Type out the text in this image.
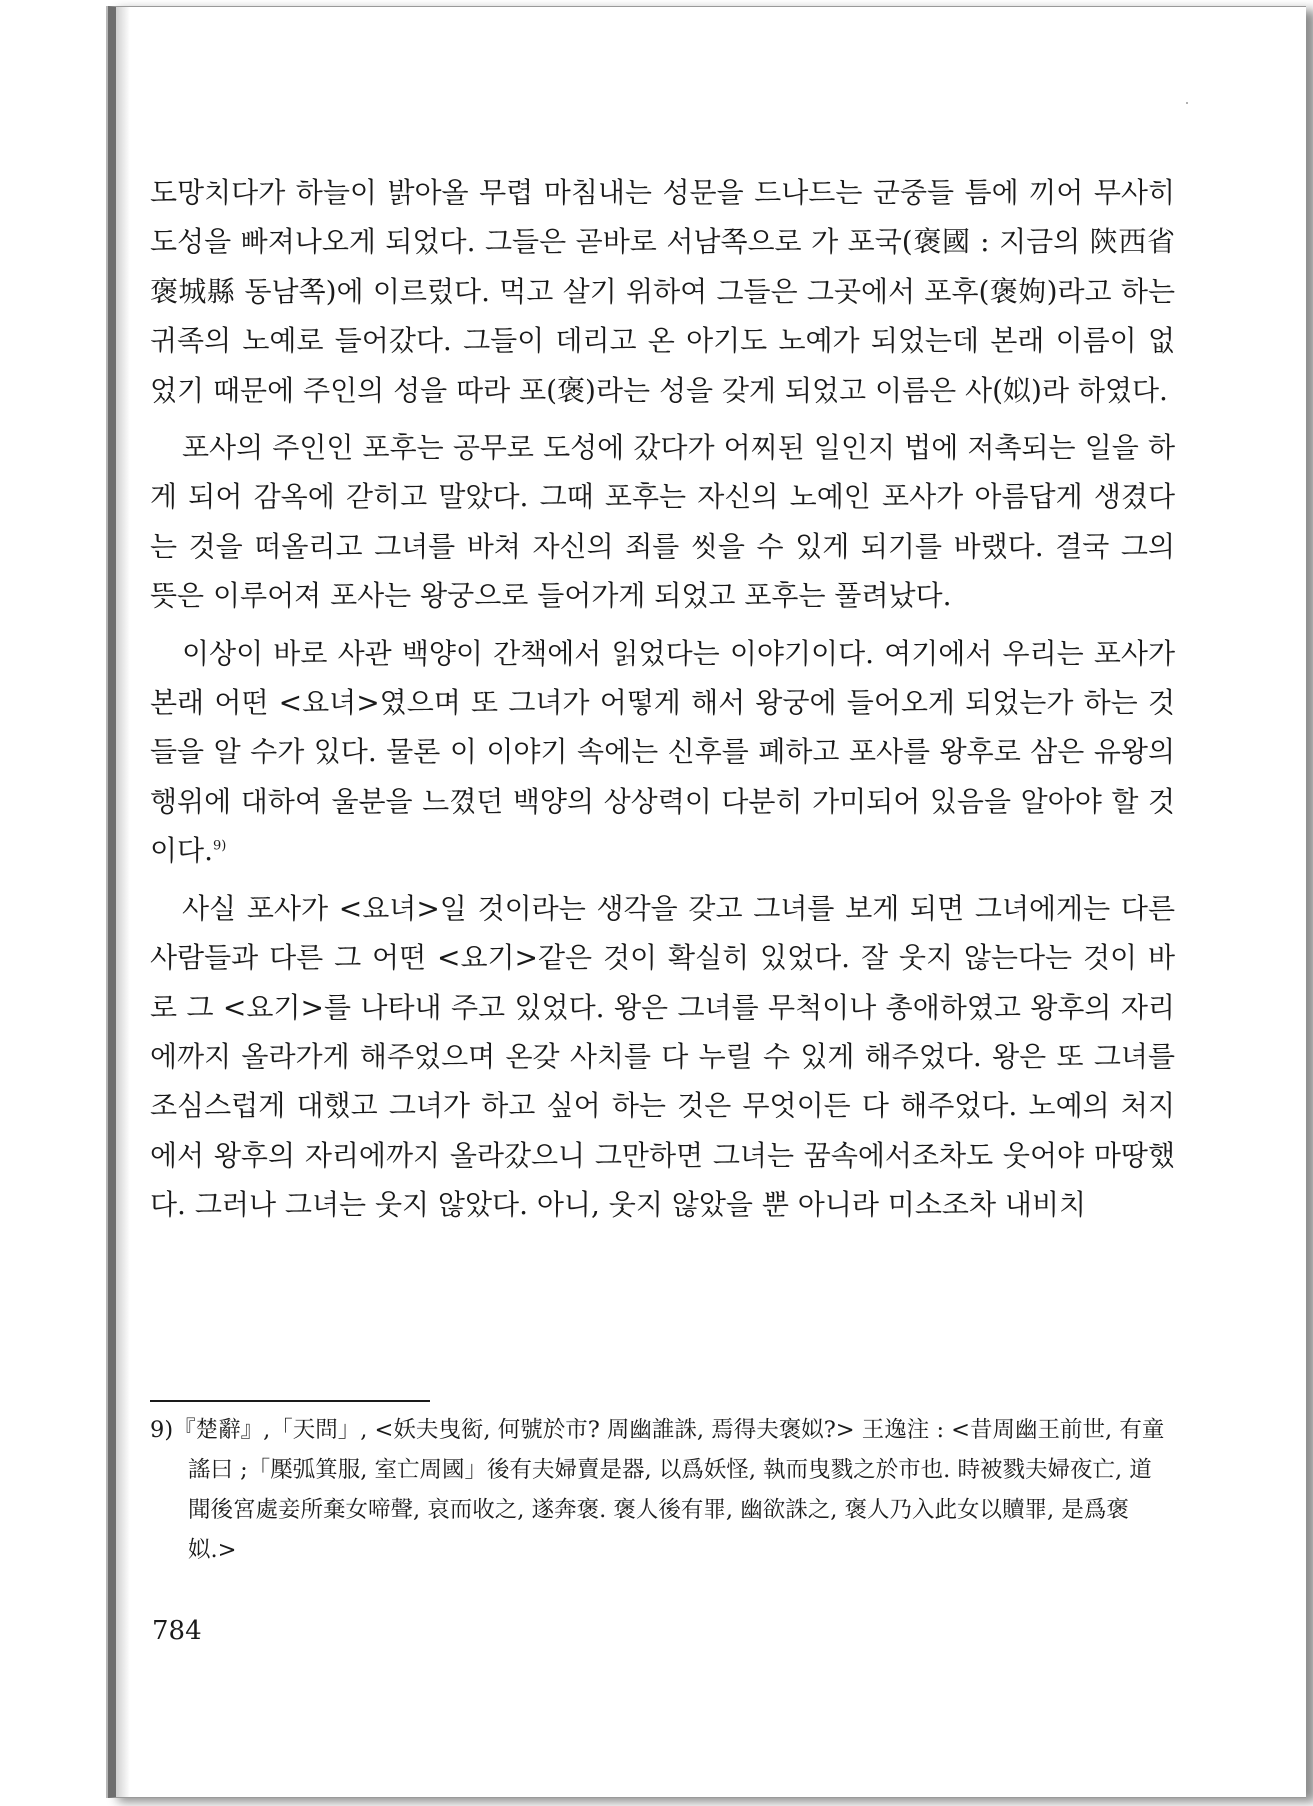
도망치다가 하늘이 밝아올 무렵 마침내는 성문을 드나드는 군중들 틈에 끼어 무사히 도성을 빠져나오게 되었다. 그들은 곧바로 서남쪽으로 가 포국(褒國 : 지금의 陝西省 褒城縣 동남쪽)에 이르렀다. 먹고 살기 위하여 그들은 그곳에서 포후(褒姁)라고 하는 귀족의 노예로 들어갔다. 그들이 데리고 온 아기도 노예가 되었는데 본래 이름이 없었기 때문에 주인의 성을 따라 포(褒)라는 성을 갖게 되었고 이름은 사(姒)라 하였다.

포사의 주인인 포후는 공무로 도성에 갔다가 어찌된 일인지 법에 저촉되는 일을 하게 되어 감옥에 갇히고 말았다. 그때 포후는 자신의 노예인 포사가 아름답게 생겼다는 것을 떠올리고 그녀를 바쳐 자신의 죄를 씻을 수 있게 되기를 바랬다. 결국 그의 뜻은 이루어져 포사는 왕궁으로 들어가게 되었고 포후는 풀려났다.

이상이 바로 사관 백양이 간책에서 읽었다는 이야기이다. 여기에서 우리는 포사가 본래 어떤 <요녀>였으며 또 그녀가 어떻게 해서 왕궁에 들어오게 되었는가 하는 것들을 알 수가 있다. 물론 이 이야기 속에는 신후를 폐하고 포사를 왕후로 삼은 유왕의 행위에 대하여 울분을 느꼈던 백양의 상상력이 다분히 가미되어 있음을 알아야 할 것이다.$^{9)}$

사실 포사가 <요녀>일 것이라는 생각을 갖고 그녀를 보게 되면 그녀에게는 다른 사람들과 다른 그 어떤 <요기>같은 것이 확실히 있었다. 잘 웃지 않는다는 것이 바로 그 <요기>를 나타내 주고 있었다. 왕은 그녀를 무척이나 총애하였고 왕후의 자리에까지 올라가게 해주었으며 온갖 사치를 다 누릴 수 있게 해주었다. 왕은 또 그녀를 조심스럽게 대했고 그녀가 하고 싶어 하는 것은 무엇이든 다 해주었다. 노예의 처지에서 왕후의 자리에까지 올라갔으니 그만하면 그녀는 꿈속에서조차도 웃어야 마땅했다. 그러나 그녀는 웃지 않았다. 아니, 웃지 않았을 뿐 아니라 미소조차 내비치

9)『楚辭』,「天問」, <妖夫曳衒, 何號於市? 周幽誰誅, 焉得夫褒姒?> 王逸注 : <昔周幽王前世, 有童謠曰 ;「檿弧箕服, 室亡周國」後有夫婦賣是器, 以爲妖怪, 執而曳戮之於市也. 時被戮夫婦夜亡, 道聞後宮處妾所棄女啼聲, 哀而收之, 遂奔褒. 褒人後有罪, 幽欲誅之, 褒人乃入此女以贖罪, 是爲褒姒.>
784
